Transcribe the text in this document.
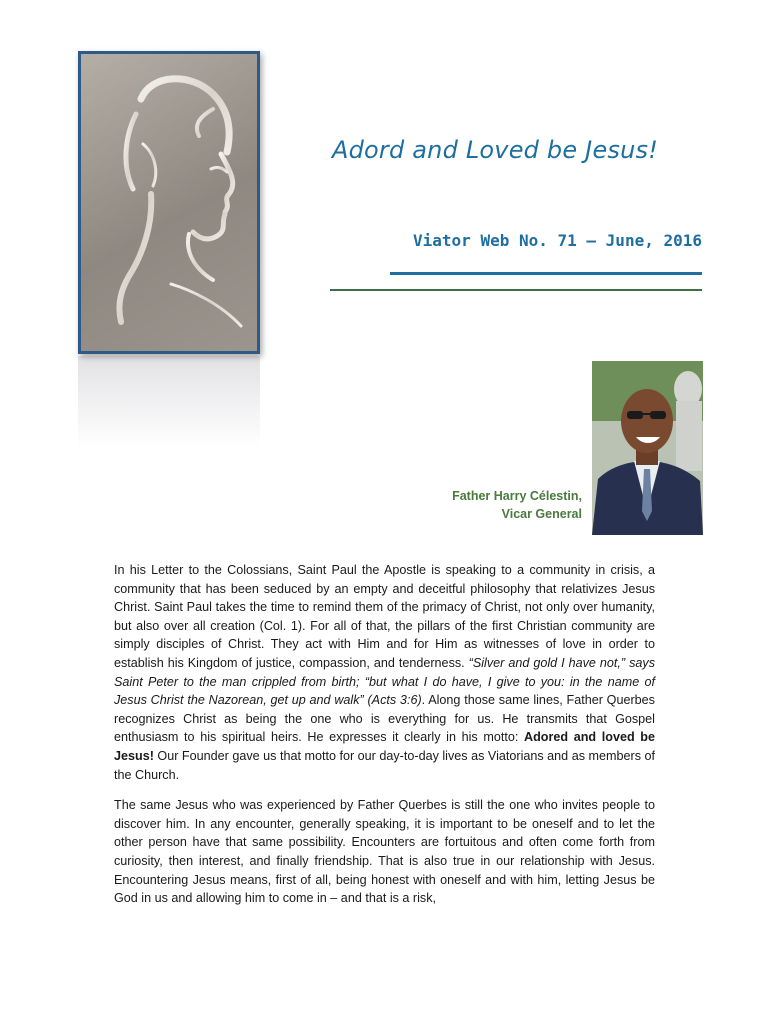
Adord and Loved be Jesus!
Viator Web No. 71 – June, 2016
Father Harry Célestin,
Vicar General

In his Letter to the Colossians, Saint Paul the Apostle is speaking to a community in crisis, a community that has been seduced by an empty and deceitful philosophy that relativizes Jesus Christ. Saint Paul takes the time to remind them of the primacy of Christ, not only over humanity, but also over all creation (Col. 1). For all of that, the pillars of the first Christian community are simply disciples of Christ. They act with Him and for Him as witnesses of love in order to establish his Kingdom of justice, compassion, and tenderness. “Silver and gold I have not,” says Saint Peter to the man crippled from birth; “but what I do have, I give to you: in the name of Jesus Christ the Nazorean, get up and walk” (Acts 3:6). Along those same lines, Father Querbes recognizes Christ as being the one who is everything for us. He transmits that Gospel enthusiasm to his spiritual heirs. He expresses it clearly in his motto: Adored and loved be Jesus! Our Founder gave us that motto for our day-to-day lives as Viatorians and as members of the Church.

The same Jesus who was experienced by Father Querbes is still the one who invites people to discover him. In any encounter, generally speaking, it is important to be oneself and to let the other person have that same possibility. Encounters are fortuitous and often come forth from curiosity, then interest, and finally friendship. That is also true in our relationship with Jesus. Encountering Jesus means, first of all, being honest with oneself and with him, letting Jesus be God in us and allowing him to come in – and that is a risk,
